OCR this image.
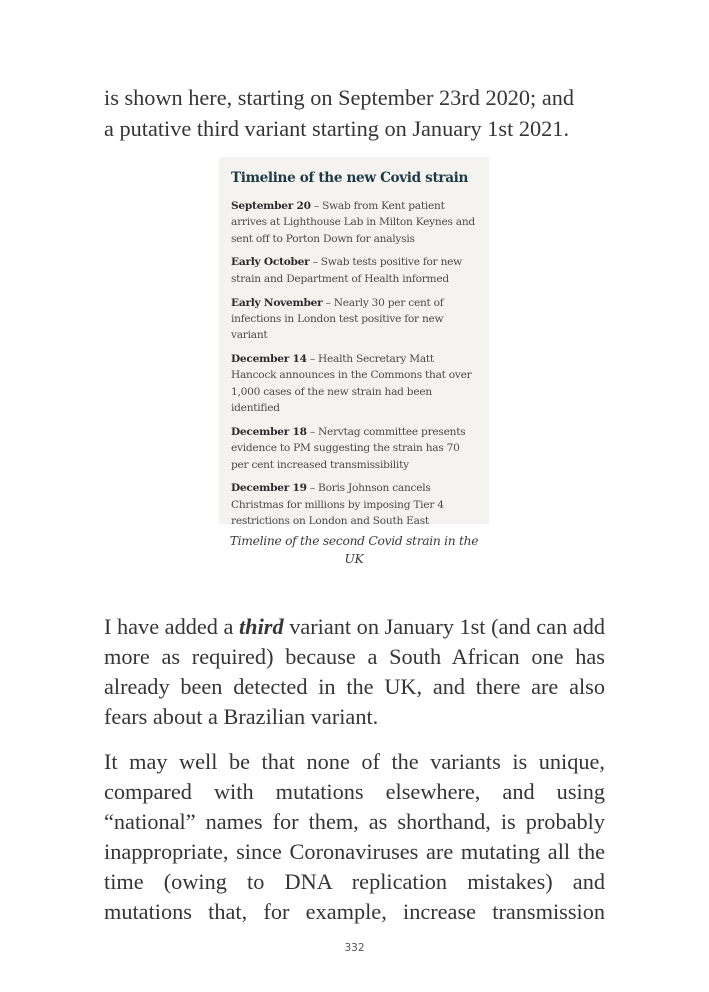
is shown here, starting on September 23rd 2020; and
a putative third variant starting on January 1st 2021.

Timeline of the new Covid strain

September 20 – Swab from Kent patient arrives at Lighthouse Lab in Milton Keynes and sent off to Porton Down for analysis

Early October – Swab tests positive for new strain and Department of Health informed

Early November – Nearly 30 per cent of infections in London test positive for new variant

December 14 – Health Secretary Matt Hancock announces in the Commons that over 1,000 cases of the new strain had been identified

December 18 – Nervtag committee presents evidence to PM suggesting the strain has 70 per cent increased transmissibility

December 19 – Boris Johnson cancels Christmas for millions by imposing Tier 4 restrictions on London and South East

Timeline of the second Covid strain in the UK

I have added a third variant on January 1st (and can add more as required) because a South African one has already been detected in the UK, and there are also fears about a Brazilian variant.

It may well be that none of the variants is unique, compared with mutations elsewhere, and using “national” names for them, as shorthand, is probably inappropriate, since Coronaviruses are mutating all the time (owing to DNA replication mistakes) and mutations that, for example, increase transmission

332
